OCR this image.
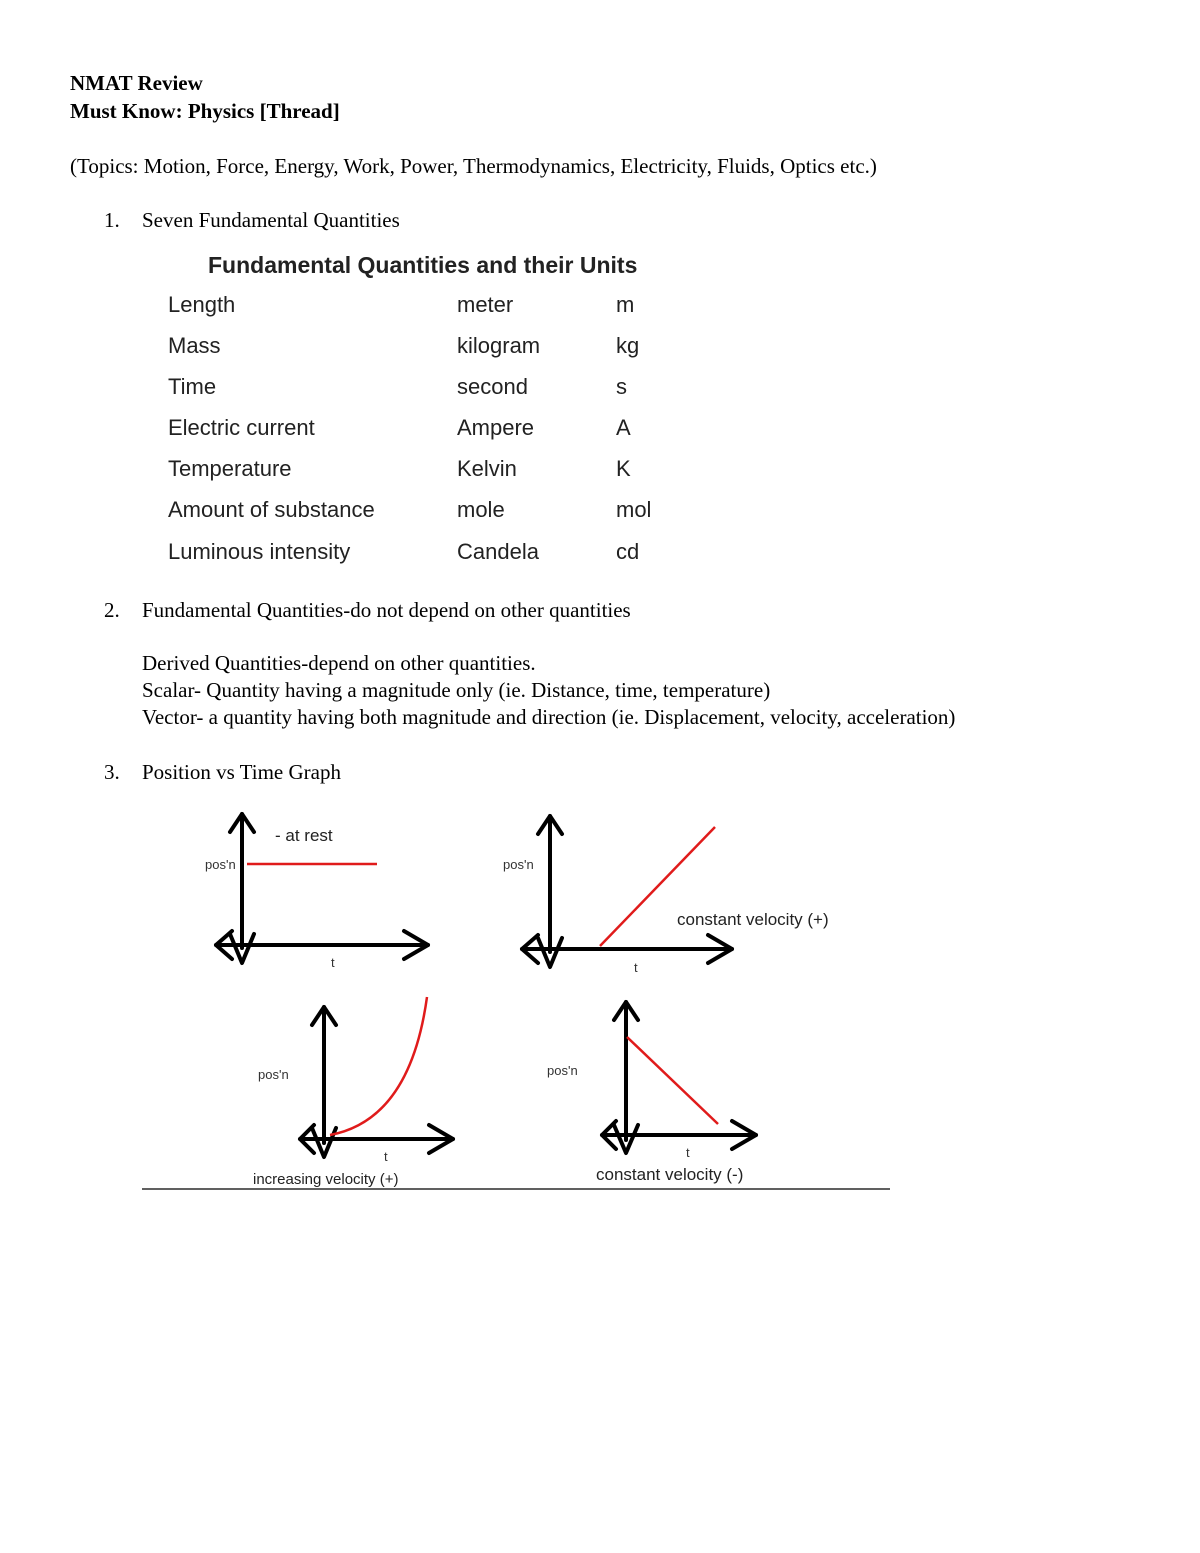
NMAT Review
Must Know: Physics [Thread]
(Topics: Motion, Force, Energy, Work, Power, Thermodynamics, Electricity, Fluids, Optics etc.)
1. Seven Fundamental Quantities
Fundamental Quantities and their Units
Length	meter	m
Mass	kilogram	kg
Time	second	s
Electric current	Ampere	A
Temperature	Kelvin	K
Amount of substance	mole	mol
Luminous intensity	Candela	cd
2. Fundamental Quantities-do not depend on other quantities
Derived Quantities-depend on other quantities.
Scalar- Quantity having a magnitude only (ie. Distance, time, temperature)
Vector- a quantity having both magnitude and direction (ie. Displacement, velocity, acceleration)
3. Position vs Time Graph
pos'n
t
- at rest
pos'n
t
constant velocity (+)
pos'n
t
increasing velocity (+)
pos'n
t
constant velocity (-)
